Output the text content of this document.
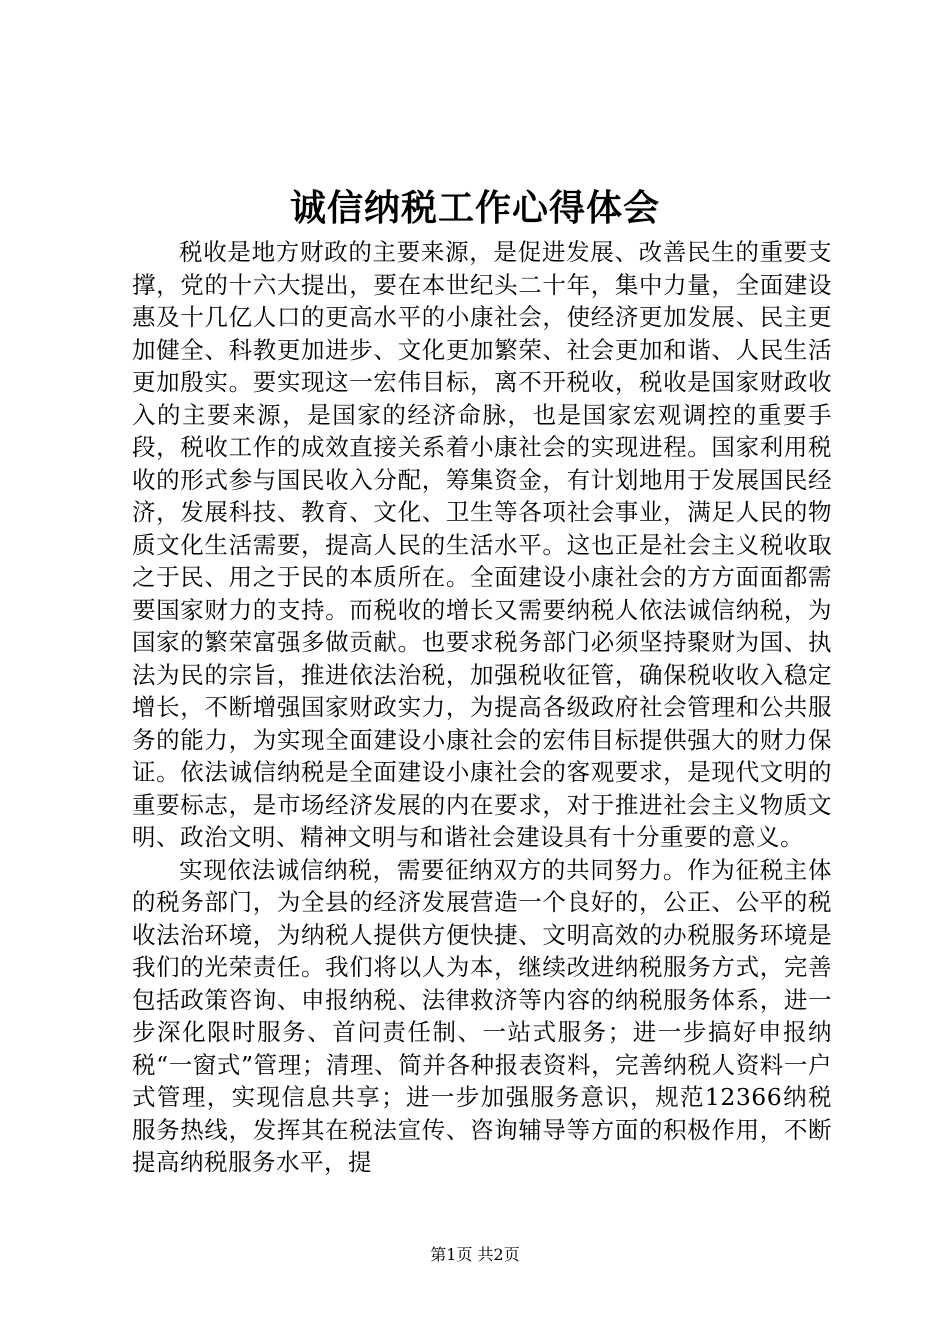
诚信纳税工作心得体会

税收是地方财政的主要来源，是促进发展、改善民生的重要支撑，党的十六大提出，要在本世纪头二十年，集中力量，全面建设惠及十几亿人口的更高水平的小康社会，使经济更加发展、民主更加健全、科教更加进步、文化更加繁荣、社会更加和谐、人民生活更加殷实。要实现这一宏伟目标，离不开税收，税收是国家财政收入的主要来源，是国家的经济命脉，也是国家宏观调控的重要手段，税收工作的成效直接关系着小康社会的实现进程。国家利用税收的形式参与国民收入分配，筹集资金，有计划地用于发展国民经济，发展科技、教育、文化、卫生等各项社会事业，满足人民的物质文化生活需要，提高人民的生活水平。这也正是社会主义税收取之于民、用之于民的本质所在。全面建设小康社会的方方面面都需要国家财力的支持。而税收的增长又需要纳税人依法诚信纳税，为国家的繁荣富强多做贡献。也要求税务部门必须坚持聚财为国、执法为民的宗旨，推进依法治税，加强税收征管，确保税收收入稳定增长，不断增强国家财政实力，为提高各级政府社会管理和公共服务的能力，为实现全面建设小康社会的宏伟目标提供强大的财力保证。依法诚信纳税是全面建设小康社会的客观要求，是现代文明的重要标志，是市场经济发展的内在要求，对于推进社会主义物质文明、政治文明、精神文明与和谐社会建设具有十分重要的意义。

实现依法诚信纳税，需要征纳双方的共同努力。作为征税主体的税务部门，为全县的经济发展营造一个良好的，公正、公平的税收法治环境，为纳税人提供方便快捷、文明高效的办税服务环境是我们的光荣责任。我们将以人为本，继续改进纳税服务方式，完善包括政策咨询、申报纳税、法律救济等内容的纳税服务体系，进一步深化限时服务、首问责任制、一站式服务；进一步搞好申报纳税“一窗式”管理；清理、简并各种报表资料，完善纳税人资料一户式管理，实现信息共享；进一步加强服务意识，规范12366纳税服务热线，发挥其在税法宣传、咨询辅导等方面的积极作用，不断提高纳税服务水平，提

第1页 共2页
